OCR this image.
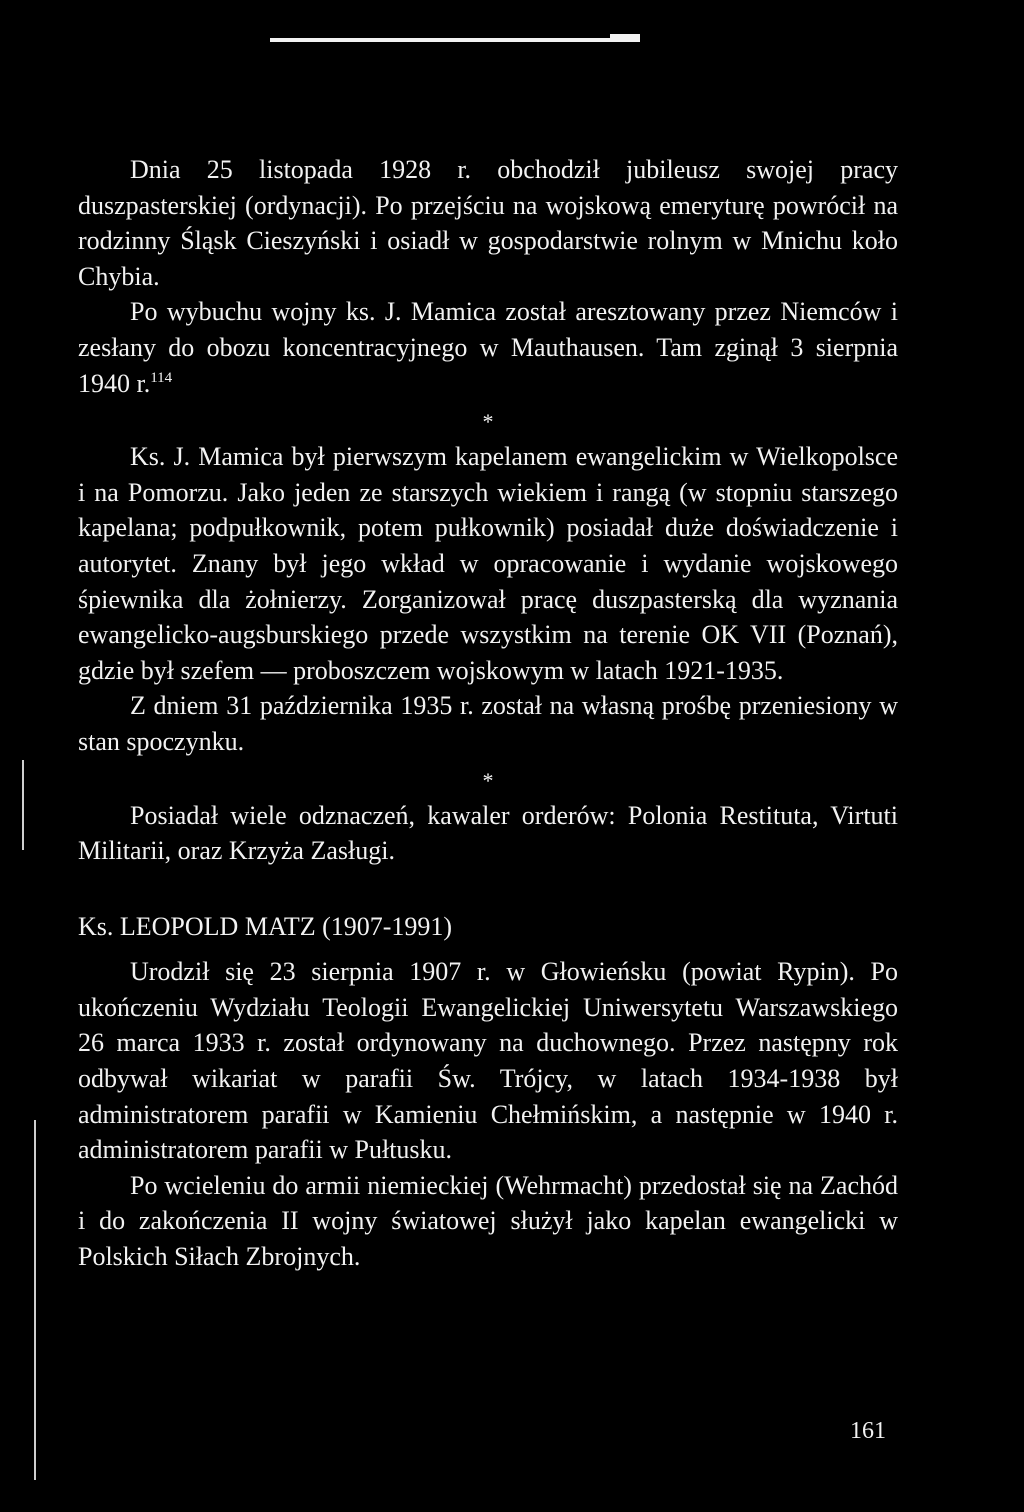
Dnia 25 listopada 1928 r. obchodził jubileusz swojej pracy duszpasterskiej (ordynacji). Po przejściu na wojskową emeryturę powrócił na rodzinny Śląsk Cieszyński i osiadł w gospodarstwie rolnym w Mnichu koło Chybia.

Po wybuchu wojny ks. J. Mamica został aresztowany przez Niemców i zesłany do obozu koncentracyjnego w Mauthausen. Tam zginął 3 sierpnia 1940 r.$^{114}$

*

Ks. J. Mamica był pierwszym kapelanem ewangelickim w Wielkopolsce i na Pomorzu. Jako jeden ze starszych wiekiem i rangą (w stopniu starszego kapelana; podpułkownik, potem pułkownik) posiadał duże doświadczenie i autorytet. Znany był jego wkład w opracowanie i wydanie wojskowego śpiewnika dla żołnierzy. Zorganizował pracę duszpasterską dla wyznania ewangelicko-augsburskiego przede wszystkim na terenie OK VII (Poznań), gdzie był szefem — proboszczem wojskowym w latach 1921-1935.

Z dniem 31 października 1935 r. został na własną prośbę przeniesiony w stan spoczynku.

*

Posiadał wiele odznaczeń, kawaler orderów: Polonia Restituta, Virtuti Militarii, oraz Krzyża Zasługi.

Ks. LEOPOLD MATZ (1907-1991)

Urodził się 23 sierpnia 1907 r. w Głowieńsku (powiat Rypin). Po ukończeniu Wydziału Teologii Ewangelickiej Uniwersytetu Warszawskiego 26 marca 1933 r. został ordynowany na duchownego. Przez następny rok odbywał wikariat w parafii Św. Trójcy, w latach 1934-1938 był administratorem parafii w Kamieniu Chełmińskim, a następnie w 1940 r. administratorem parafii w Pułtusku.

Po wcieleniu do armii niemieckiej (Wehrmacht) przedostał się na Zachód i do zakończenia II wojny światowej służył jako kapelan ewangelicki w Polskich Siłach Zbrojnych.

161
